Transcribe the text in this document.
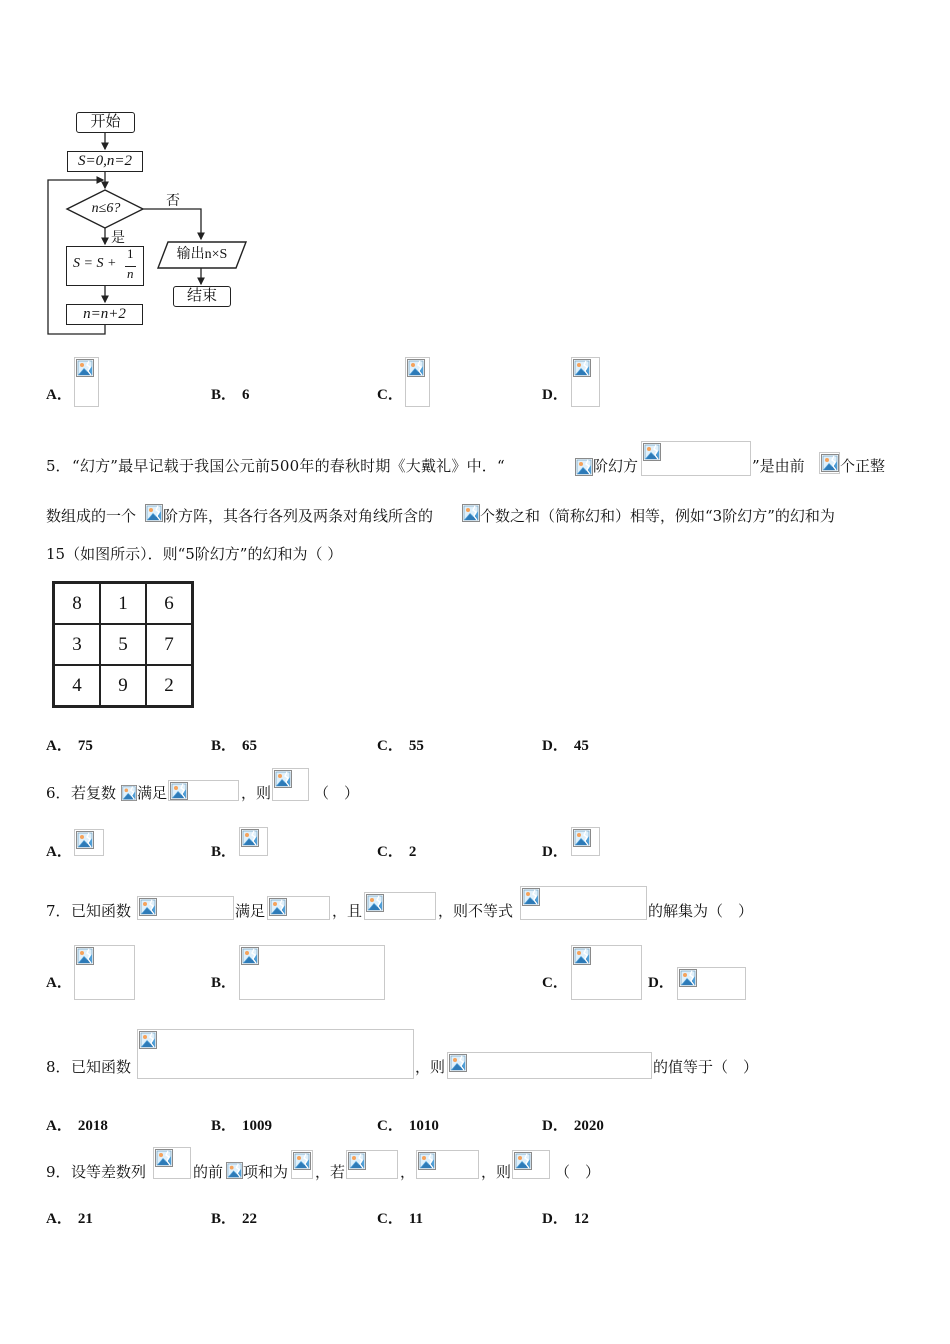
开始
S=0,n=2
n≤6?	否
是
S = S +
1
n
n=n+2
输出n×S
结束
A．	B． 6	C．	D．
5． “幻方”最早记载于我国公元前500年的春秋时期《大戴礼》中．“	阶幻方	”是由前 个正整
数组成的一个 阶方阵，其各行各列及两条对角线所含的	个数之和（简称幻和）相等，例如“3阶幻方”的幻和为
15（如图所示）．则“5阶幻方”的幻和为（ ）
8	1	6
3	5	7
4	9	2
A． 75	B． 65	C． 55	D． 45
6． 若复数 满足	，则	（　）
A．	B．	C． 2	D．
7． 已知函数	满足	，且	，则不等式	的解集为（　）
A．	B．	C．	D．
8． 已知函数	，则	的值等于（　）
A． 2018	B． 1009	C． 1010	D． 2020
9． 设等差数列	的前 项和为 ，若	，	，则	（　）
A． 21	B． 22	C． 11	D． 12
